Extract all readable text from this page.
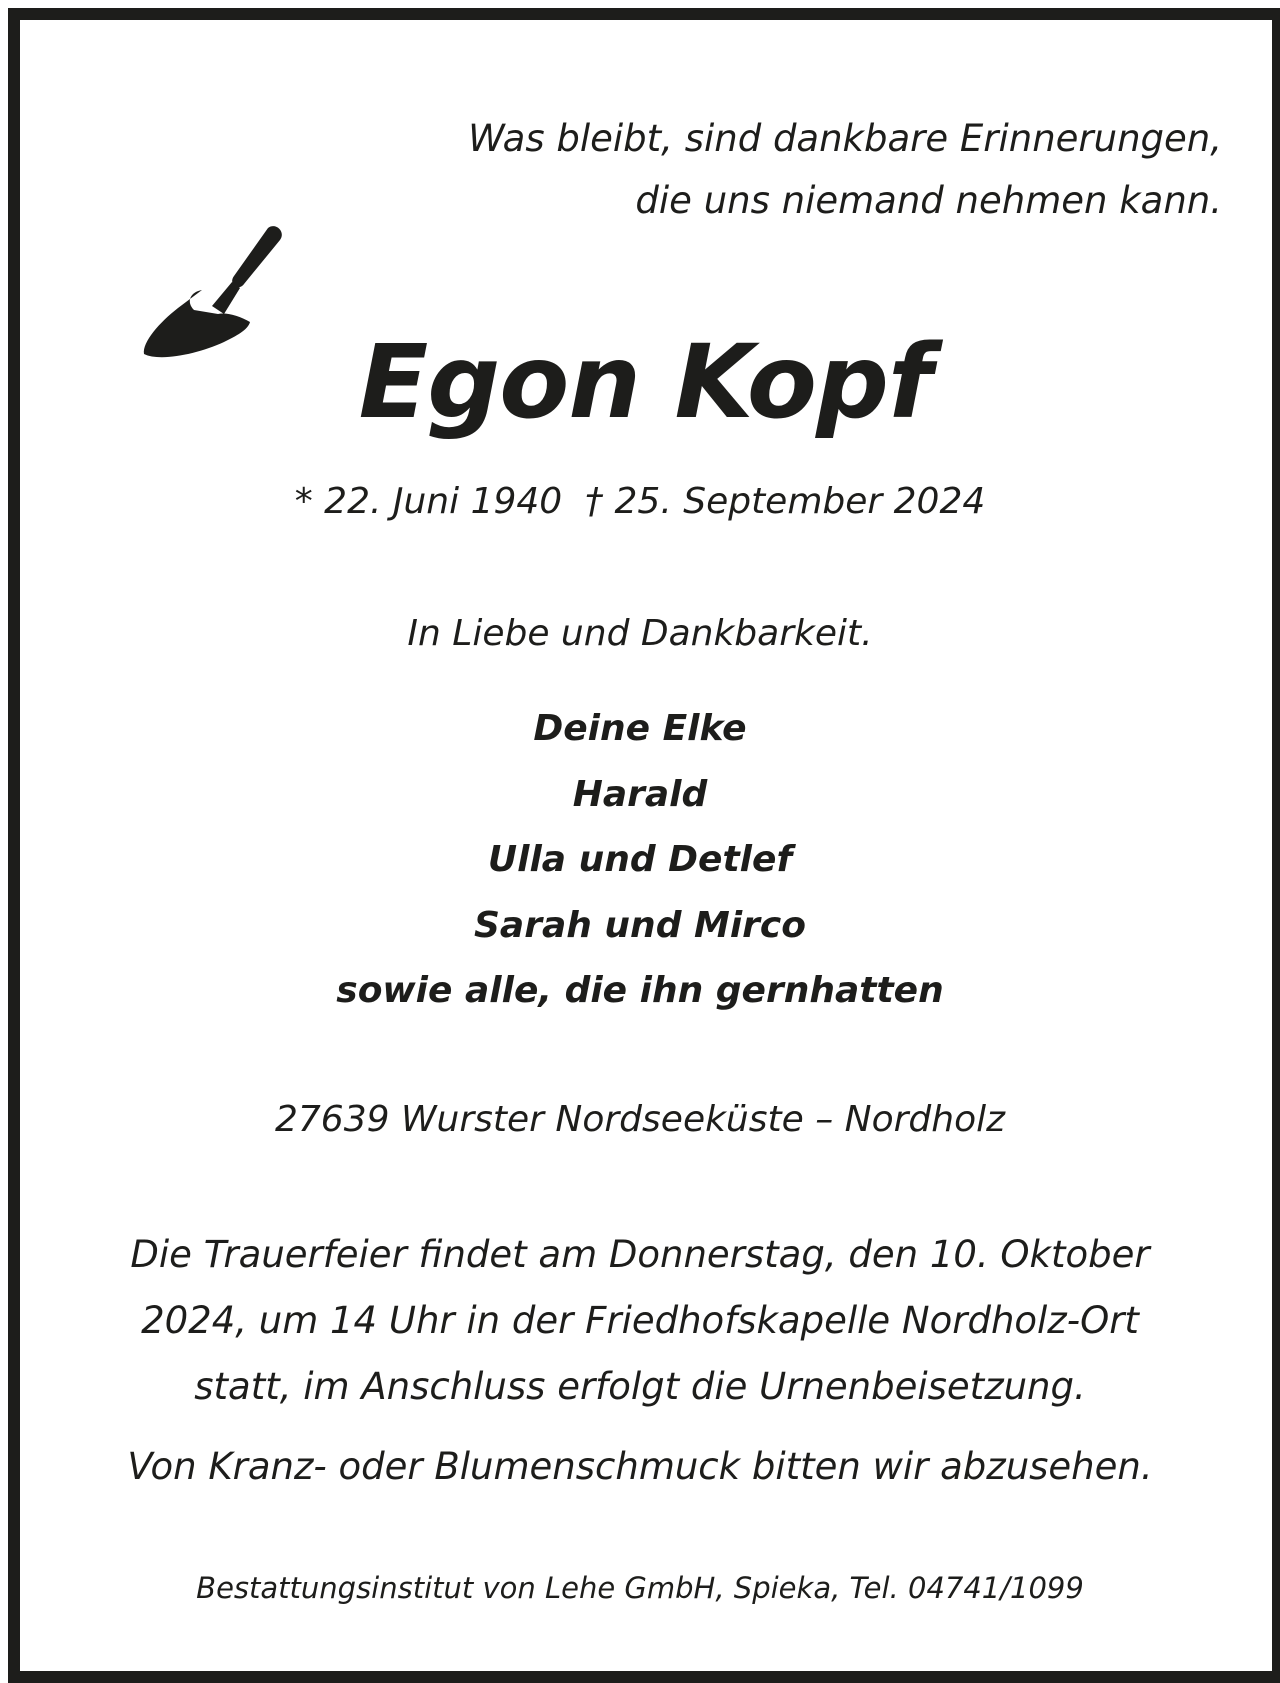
Was bleibt, sind dankbare Erinnerungen,
die uns niemand nehmen kann.
Egon Kopf
* 22. Juni 1940  † 25. September 2024
In Liebe und Dankbarkeit.
Deine Elke
Harald
Ulla und Detlef
Sarah und Mirco
sowie alle, die ihn gernhatten
27639 Wurster Nordseeküste – Nordholz
Die Trauerfeier findet am Donnerstag, den 10. Oktober
2024, um 14 Uhr in der Friedhofskapelle Nordholz-Ort
statt, im Anschluss erfolgt die Urnenbeisetzung.
Von Kranz- oder Blumenschmuck bitten wir abzusehen.
Bestattungsinstitut von Lehe GmbH, Spieka, Tel. 04741/1099
